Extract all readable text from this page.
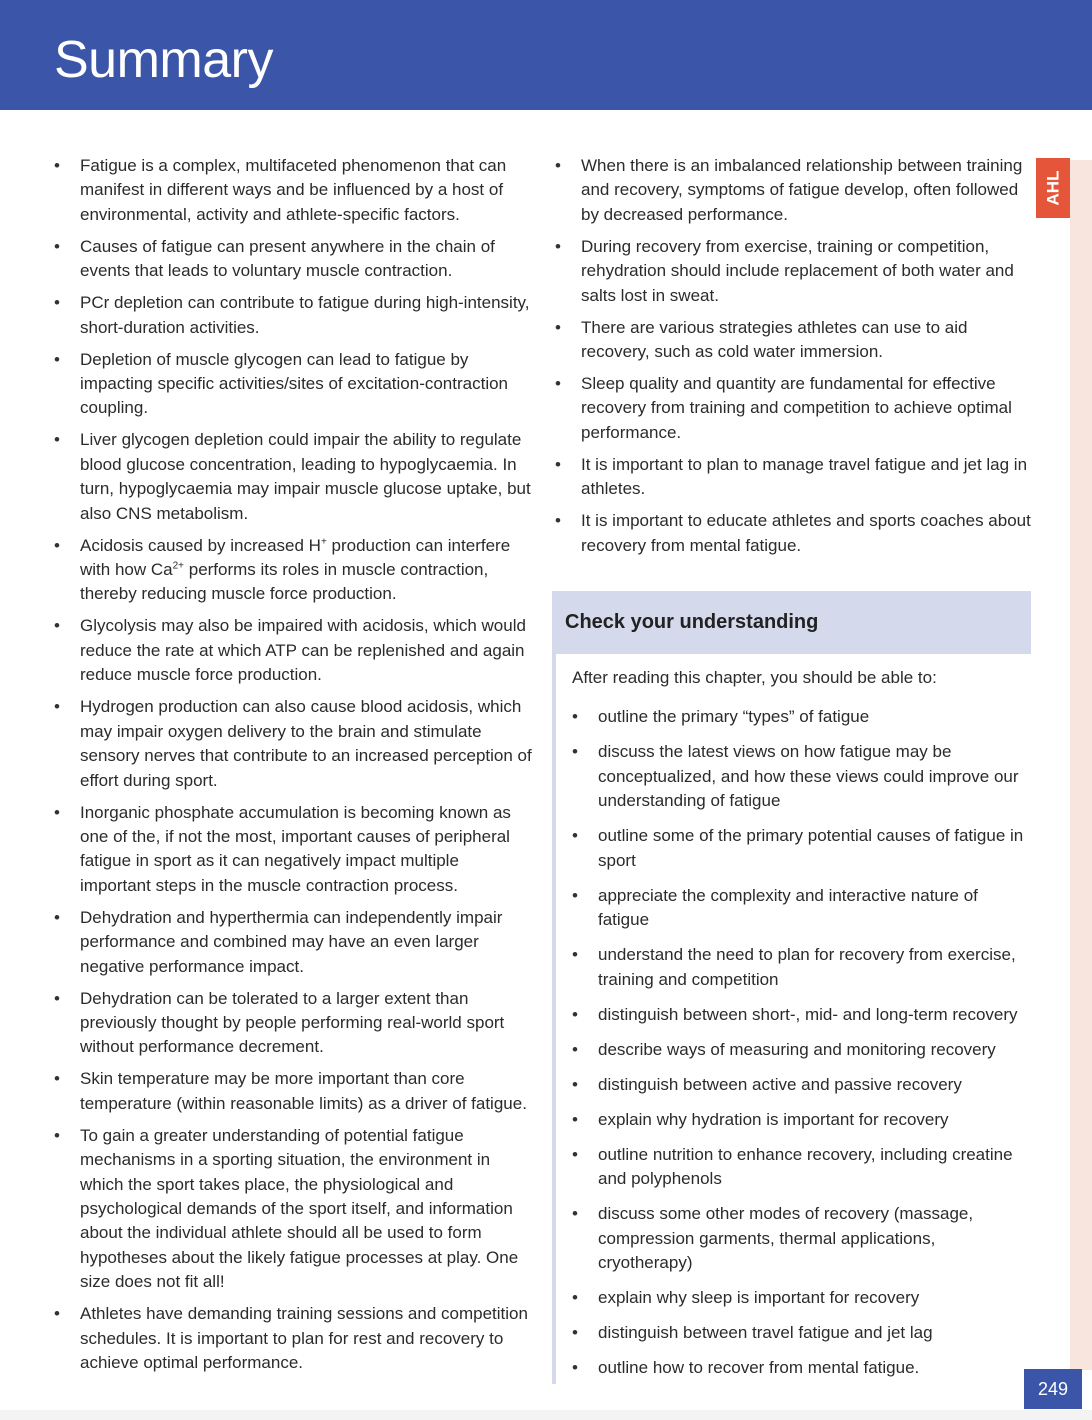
Summary
AHL
• Fatigue is a complex, multifaceted phenomenon that can manifest in different ways and be influenced by a host of environmental, activity and athlete-specific factors.
• Causes of fatigue can present anywhere in the chain of events that leads to voluntary muscle contraction.
• PCr depletion can contribute to fatigue during high-intensity, short-duration activities.
• Depletion of muscle glycogen can lead to fatigue by impacting specific activities/sites of excitation-contraction coupling.
• Liver glycogen depletion could impair the ability to regulate blood glucose concentration, leading to hypoglycaemia. In turn, hypoglycaemia may impair muscle glucose uptake, but also CNS metabolism.
• Acidosis caused by increased H+ production can interfere with how $Ca^{2+}$ performs its roles in muscle contraction, thereby reducing muscle force production.
• Glycolysis may also be impaired with acidosis, which would reduce the rate at which ATP can be replenished and again reduce muscle force production.
• Hydrogen production can also cause blood acidosis, which may impair oxygen delivery to the brain and stimulate sensory nerves that contribute to an increased perception of effort during sport.
• Inorganic phosphate accumulation is becoming known as one of the, if not the most, important causes of peripheral fatigue in sport as it can negatively impact multiple important steps in the muscle contraction process.
• Dehydration and hyperthermia can independently impair performance and combined may have an even larger negative performance impact.
• Dehydration can be tolerated to a larger extent than previously thought by people performing real-world sport without performance decrement.
• Skin temperature may be more important than core temperature (within reasonable limits) as a driver of fatigue.
• To gain a greater understanding of potential fatigue mechanisms in a sporting situation, the environment in which the sport takes place, the physiological and psychological demands of the sport itself, and information about the individual athlete should all be used to form hypotheses about the likely fatigue processes at play. One size does not fit all!
• Athletes have demanding training sessions and competition schedules. It is important to plan for rest and recovery to achieve optimal performance.
• When there is an imbalanced relationship between training and recovery, symptoms of fatigue develop, often followed by decreased performance.
• During recovery from exercise, training or competition, rehydration should include replacement of both water and salts lost in sweat.
• There are various strategies athletes can use to aid recovery, such as cold water immersion.
• Sleep quality and quantity are fundamental for effective recovery from training and competition to achieve optimal performance.
• It is important to plan to manage travel fatigue and jet lag in athletes.
• It is important to educate athletes and sports coaches about recovery from mental fatigue.
Check your understanding

After reading this chapter, you should be able to:

• outline the primary “types” of fatigue
• discuss the latest views on how fatigue may be conceptualized, and how these views could improve our understanding of fatigue
• outline some of the primary potential causes of fatigue in sport
• appreciate the complexity and interactive nature of fatigue
• understand the need to plan for recovery from exercise, training and competition
• distinguish between short-, mid- and long-term recovery
• describe ways of measuring and monitoring recovery
• distinguish between active and passive recovery
• explain why hydration is important for recovery
• outline nutrition to enhance recovery, including creatine and polyphenols
• discuss some other modes of recovery (massage, compression garments, thermal applications, cryotherapy)
• explain why sleep is important for recovery
• distinguish between travel fatigue and jet lag
• outline how to recover from mental fatigue.
249
